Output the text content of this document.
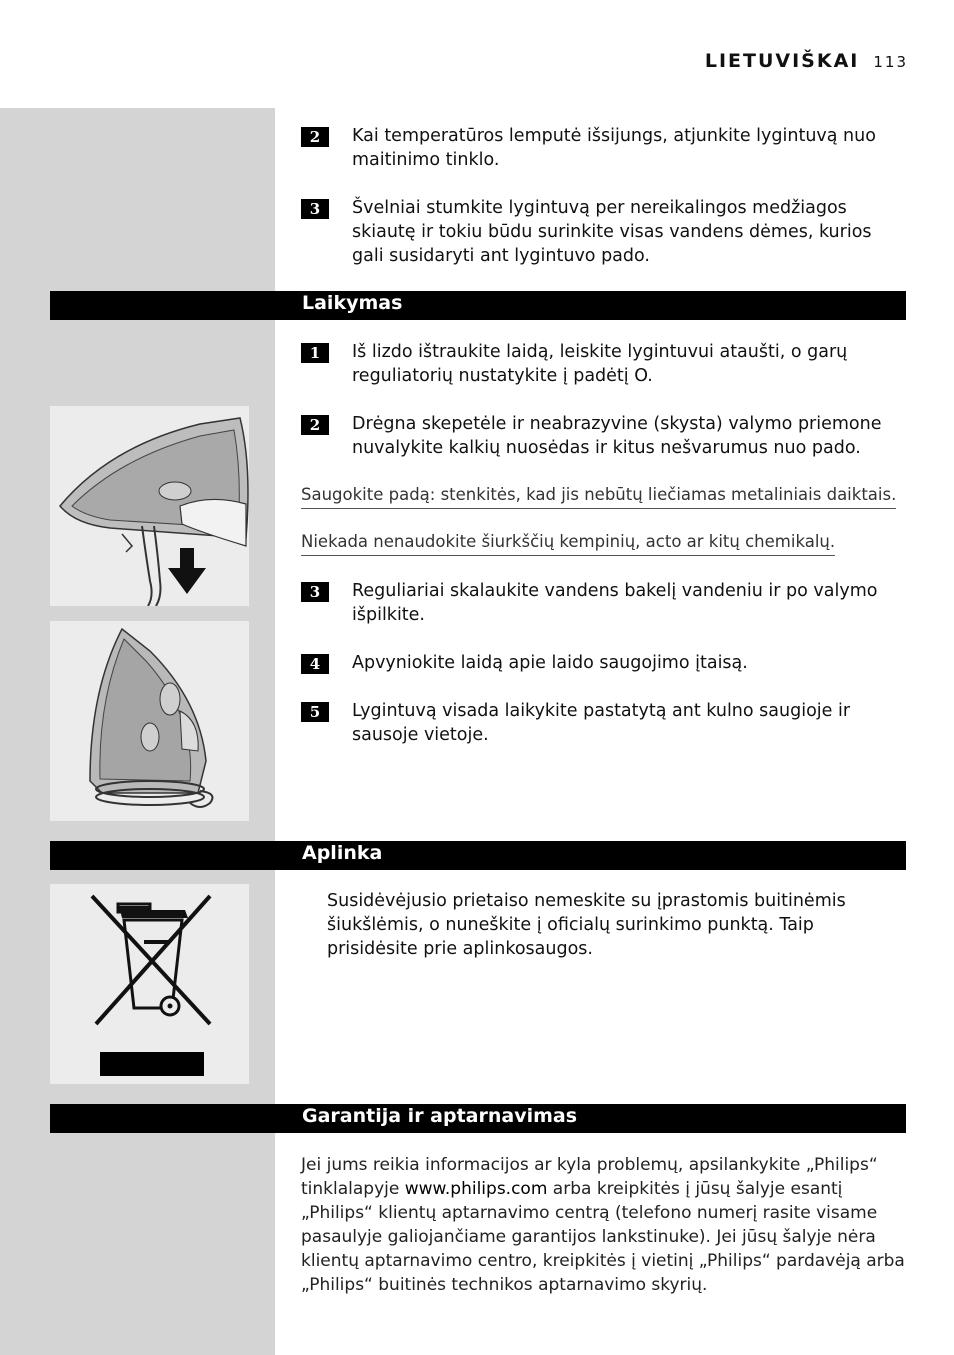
LIETUVIŠKAI 113
2	Kai temperatūros lemputė išsijungs, atjunkite lygintuvą nuo maitinimo tinklo.
3	Švelniai stumkite lygintuvą per nereikalingos medžiagos skiautę ir tokiu būdu surinkite visas vandens dėmes, kurios gali susidaryti ant lygintuvo pado.
Laikymas
1	Iš lizdo ištraukite laidą, leiskite lygintuvui ataušti, o garų reguliatorių nustatykite į padėtį O.
2	Drėgna skepetėle ir neabrazyvine (skysta) valymo priemone nuvalykite kalkių nuosėdas ir kitus nešvarumus nuo pado.
Saugokite padą: stenkitės, kad jis nebūtų liečiamas metaliniais daiktais.
Niekada nenaudokite šiurkščių kempinių, acto ar kitų chemikalų.
3	Reguliariai skalaukite vandens bakelį vandeniu ir po valymo išpilkite.
4	Apvyniokite laidą apie laido saugojimo įtaisą.
5	Lygintuvą visada laikykite pastatytą ant kulno saugioje ir sausoje vietoje.
Aplinka
Susidėvėjusio prietaiso nemeskite su įprastomis buitinėmis šiukšlėmis, o nuneškite į oficialų surinkimo punktą. Taip prisidėsite prie aplinkosaugos.
Garantija ir aptarnavimas
Jei jums reikia informacijos ar kyla problemų, apsilankykite „Philips“ tinklalapyje www.philips.com arba kreipkitės į jūsų šalyje esantį „Philips“ klientų aptarnavimo centrą (telefono numerį rasite visame pasaulyje galiojančiame garantijos lankstinuke). Jei jūsų šalyje nėra klientų aptarnavimo centro, kreipkitės į vietinį „Philips“ pardavėją arba „Philips“ buitinės technikos aptarnavimo skyrių.
